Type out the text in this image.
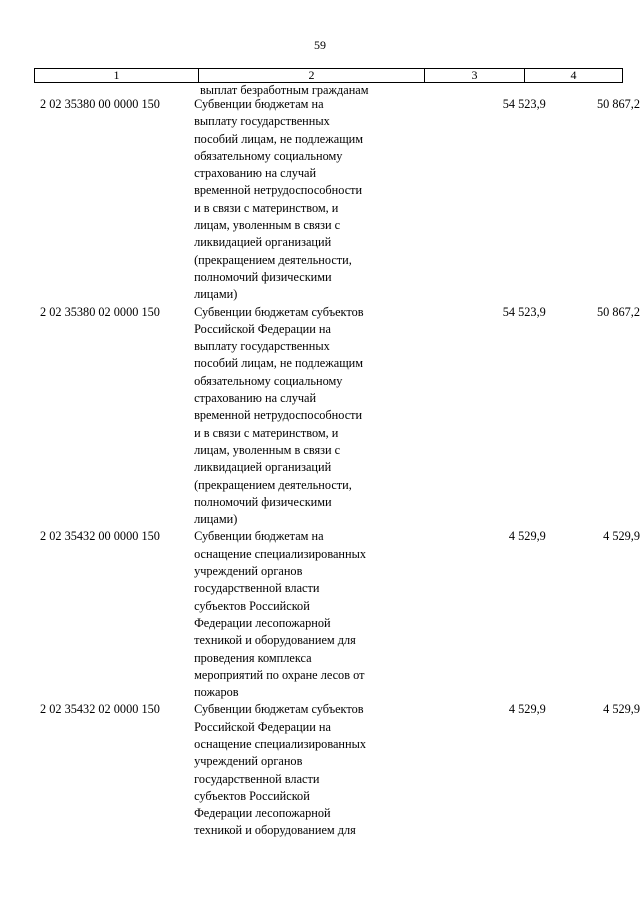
59
1	2	3	4
выплат безработным гражданам
2 02 35380 00 0000 150	Субвенции бюджетам на
выплату государственных
пособий лицам, не подлежащим
обязательному социальному
страхованию на случай
временной нетрудоспособности
и в связи с материнством, и
лицам, уволенным в связи с
ликвидацией организаций
(прекращением деятельности,
полномочий физическими
лицами)
54 523,9	50 867,2
2 02 35380 02 0000 150	Субвенции бюджетам субъектов
Российской Федерации на
выплату государственных
пособий лицам, не подлежащим
обязательному социальному
страхованию на случай
временной нетрудоспособности
и в связи с материнством, и
лицам, уволенным в связи с
ликвидацией организаций
(прекращением деятельности,
полномочий физическими
лицами)
54 523,9	50 867,2
2 02 35432 00 0000 150	Субвенции бюджетам на
оснащение специализированных
учреждений органов
государственной власти
субъектов Российской
Федерации лесопожарной
техникой и оборудованием для
проведения комплекса
мероприятий по охране лесов от
пожаров
4 529,9	4 529,9
2 02 35432 02 0000 150	Субвенции бюджетам субъектов
Российской Федерации на
оснащение специализированных
учреждений органов
государственной власти
субъектов Российской
Федерации лесопожарной
техникой и оборудованием для
4 529,9	4 529,9
